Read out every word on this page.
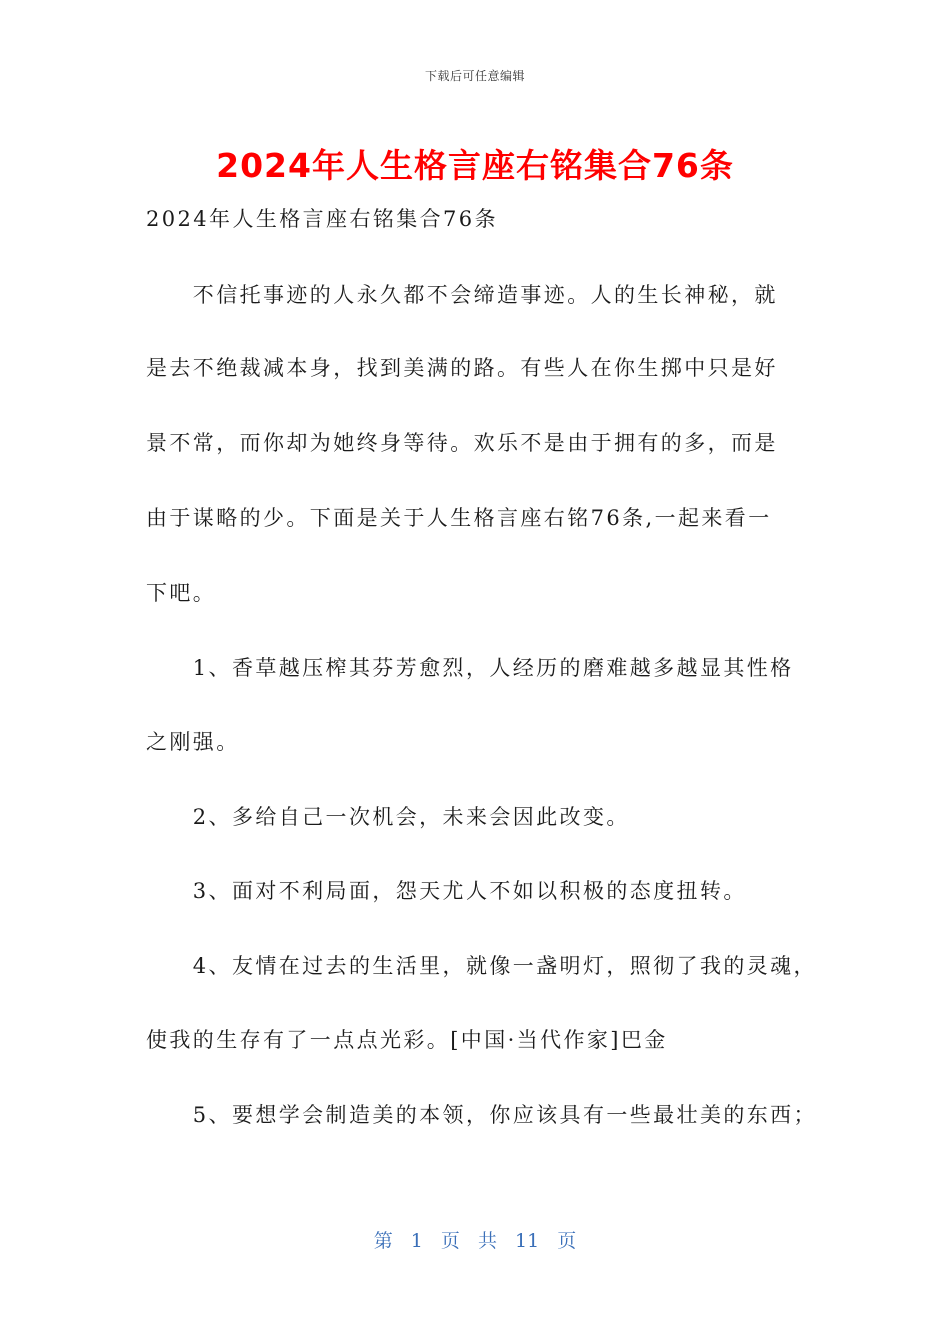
下载后可任意编辑
2024年人生格言座右铭集合76条
2024年人生格言座右铭集合76条
　　不信托事迹的人永久都不会缔造事迹。人的生长神秘，就
是去不绝裁减本身，找到美满的路。有些人在你生掷中只是好
景不常，而你却为她终身等待。欢乐不是由于拥有的多，而是
由于谋略的少。下面是关于人生格言座右铭76条,一起来看一
下吧。
　　1、香草越压榨其芬芳愈烈，人经历的磨难越多越显其性格
之刚强。
　　2、多给自己一次机会，未来会因此改变。
　　3、面对不利局面，怨天尤人不如以积极的态度扭转。
　　4、友情在过去的生活里，就像一盏明灯，照彻了我的灵魂，
使我的生存有了一点点光彩。[中国·当代作家]巴金
　　5、要想学会制造美的本领，你应该具有一些最壮美的东西；
第 1 页 共 11 页
